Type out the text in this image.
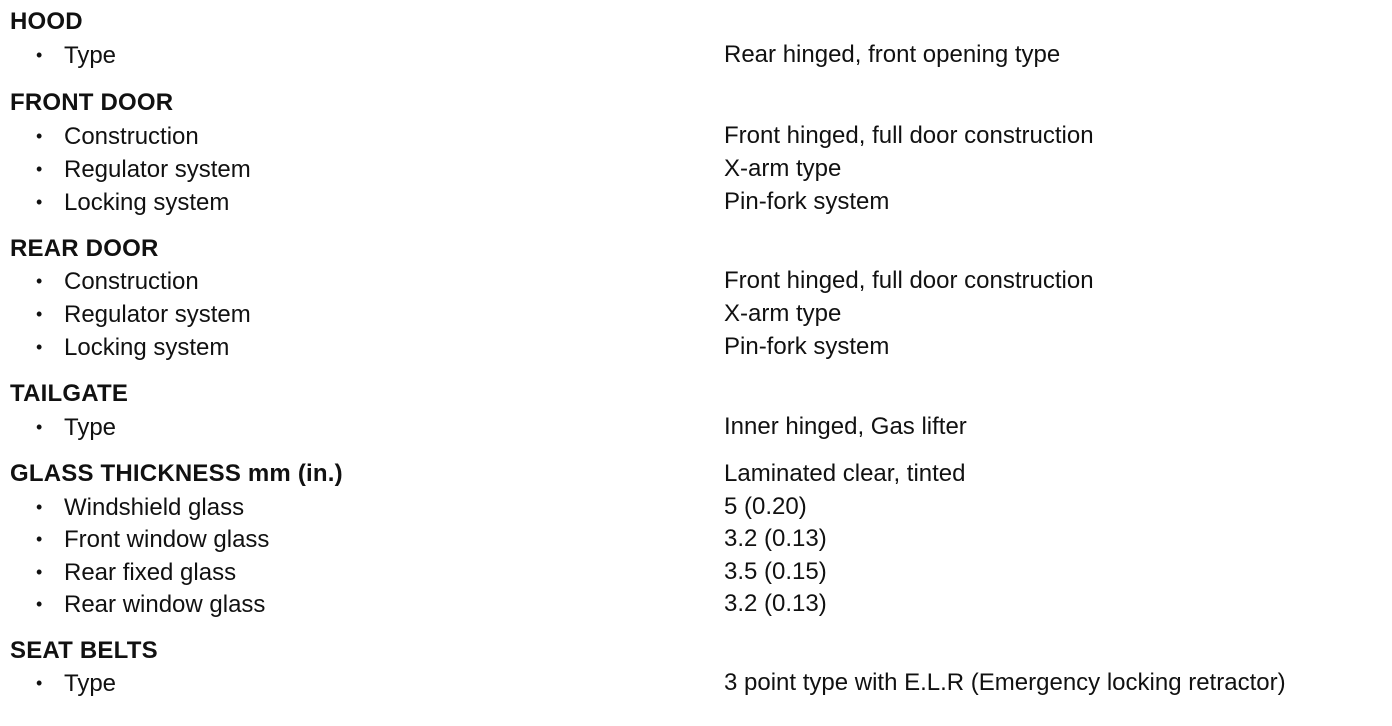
HOOD
• Type	Rear hinged, front opening type
FRONT DOOR
• Construction	Front hinged, full door construction
• Regulator system	X-arm type
• Locking system	Pin-fork system
REAR DOOR
• Construction	Front hinged, full door construction
• Regulator system	X-arm type
• Locking system	Pin-fork system
TAILGATE
• Type	Inner hinged, Gas lifter
GLASS THICKNESS mm (in.)	Laminated clear, tinted
• Windshield glass	5 (0.20)
• Front window glass	3.2 (0.13)
• Rear fixed glass	3.5 (0.15)
• Rear window glass	3.2 (0.13)
SEAT BELTS
• Type	3 point type with E.L.R (Emergency locking retractor)
